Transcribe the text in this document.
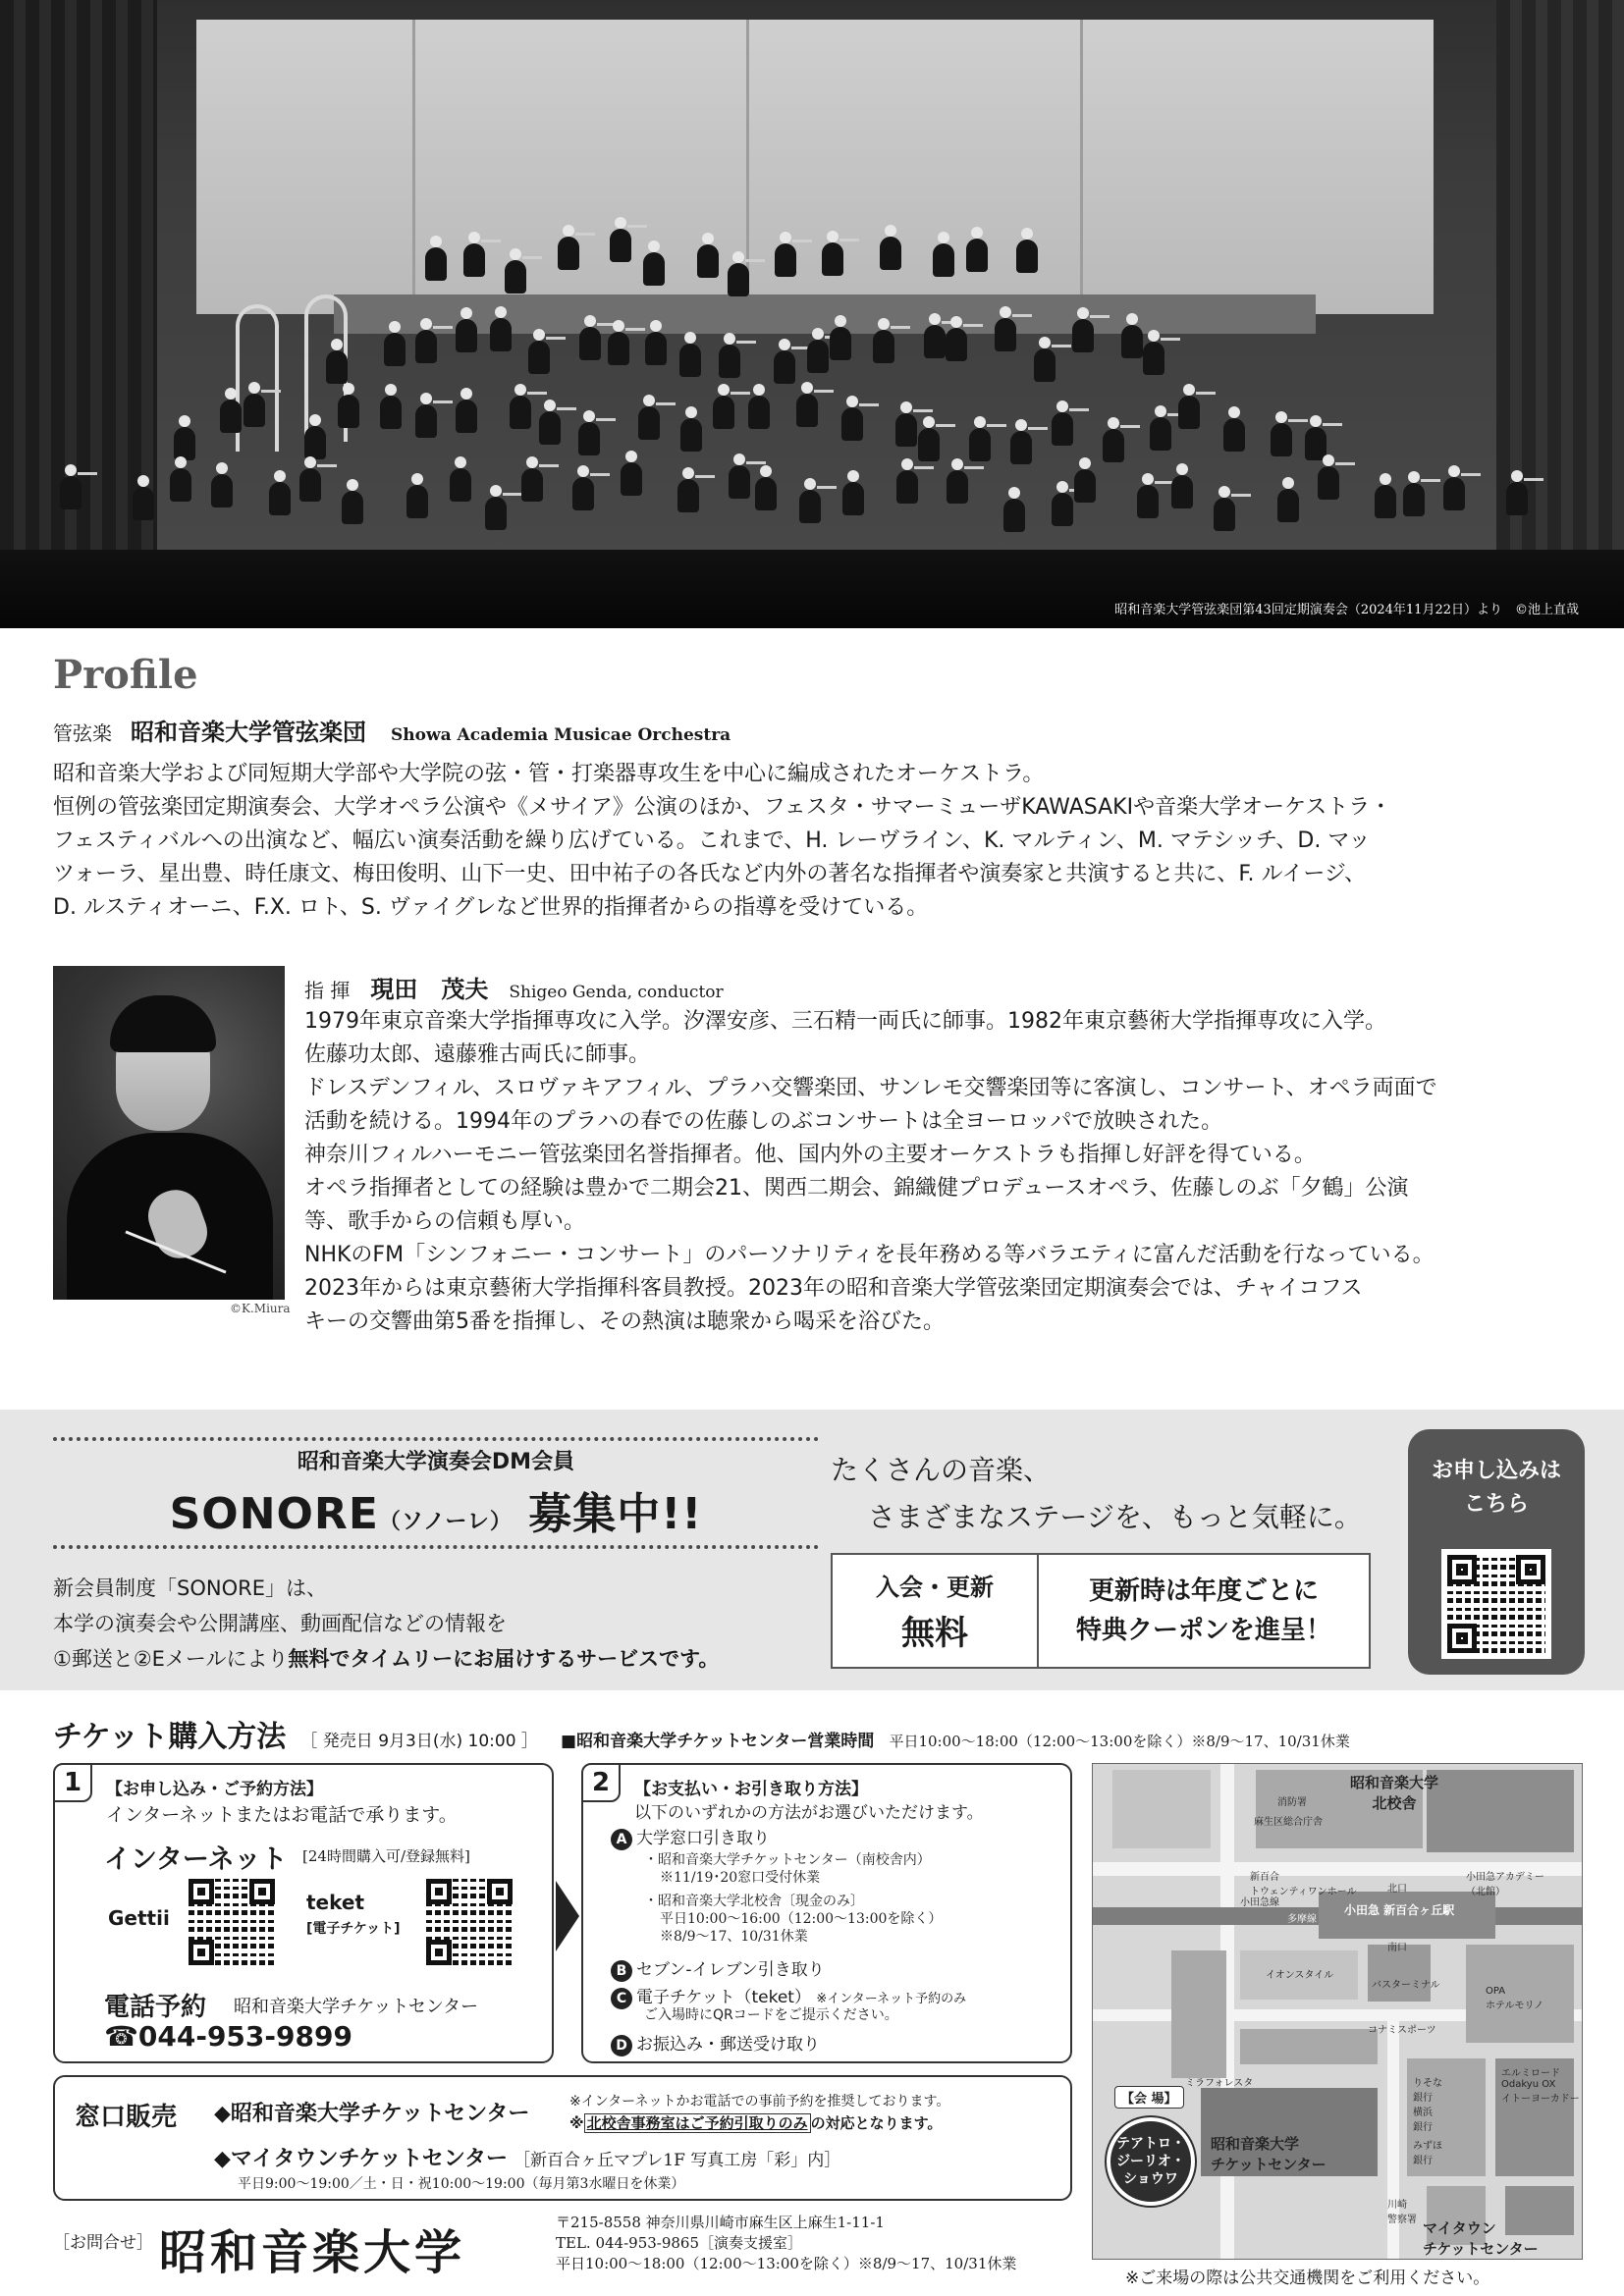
昭和音楽大学管弦楽団第43回定期演奏会（2024年11月22日）より　©池上直哉
Profile
管弦楽 昭和音楽大学管弦楽団 Showa Academia Musicae Orchestra

昭和音楽大学および同短期大学部や大学院の弦・管・打楽器専攻生を中心に編成されたオーケストラ。

恒例の管弦楽団定期演奏会、大学オペラ公演や《メサイア》公演のほか、フェスタ・サマーミューザKAWASAKIや音楽大学オーケストラ・

フェスティバルへの出演など、幅広い演奏活動を繰り広げている。これまで、H. レーヴライン、K. マルティン、M. マテシッチ、D. マッ

ツォーラ、星出豊、時任康文、梅田俊明、山下一史、田中祐子の各氏など内外の著名な指揮者や演奏家と共演すると共に、F. ルイージ、

D. ルスティオーニ、F.X. ロト、S. ヴァイグレなど世界的指揮者からの指導を受けている。

©K.Miura
指 揮 現田　茂夫 Shigeo Genda, conductor

1979年東京音楽大学指揮専攻に入学。汐澤安彦、三石精一両氏に師事。1982年東京藝術大学指揮専攻に入学。

佐藤功太郎、遠藤雅古両氏に師事。

ドレスデンフィル、スロヴァキアフィル、プラハ交響楽団、サンレモ交響楽団等に客演し、コンサート、オペラ両面で

活動を続ける。1994年のプラハの春での佐藤しのぶコンサートは全ヨーロッパで放映された。

神奈川フィルハーモニー管弦楽団名誉指揮者。他、国内外の主要オーケストラも指揮し好評を得ている。

オペラ指揮者としての経験は豊かで二期会21、関西二期会、錦織健プロデュースオペラ、佐藤しのぶ「夕鶴」公演

等、歌手からの信頼も厚い。

NHKのFM「シンフォニー・コンサート」のパーソナリティを長年務める等バラエティに富んだ活動を行なっている。

2023年からは東京藝術大学指揮科客員教授。2023年の昭和音楽大学管弦楽団定期演奏会では、チャイコフス

キーの交響曲第5番を指揮し、その熱演は聴衆から喝采を浴びた。

昭和音楽大学演奏会DM会員
SONORE（ソノーレ） 募集中!!
新会員制度「SONORE」は、
本学の演奏会や公開講座、動画配信などの情報を
①郵送と②Eメールにより無料でタイムリーにお届けするサービスです。
たくさんの音楽、
さまざまなステージを、もっと気軽に。
入会・更新
無料
更新時は年度ごとに
特典クーポンを進呈！
お申し込みは
こちら
チケット購入方法 ［ 発売日 9月3日(水) 10:00 ］ ■昭和音楽大学チケットセンター営業時間 平日10:00〜18:00（12:00〜13:00を除く）※8/9〜17、10/31休業
1	【お申し込み・ご予約方法】
インターネットまたはお電話で承ります。
インターネット [24時間購入可/登録無料]
Gettii
teket
[電子チケット]
電話予約 昭和音楽大学チケットセンター
☎044-953-9899
2	【お支払い・お引き取り方法】
以下のいずれかの方法がお選びいただけます。
A 大学窓口引き取り
・昭和音楽大学チケットセンター（南校舎内）
※11/19･20窓口受付休業
・昭和音楽大学北校舎〔現金のみ〕
平日10:00〜16:00（12:00〜13:00を除く）
※8/9〜17、10/31休業
B セブン-イレブン引き取り
C 電子チケット（teket） ※インターネット予約のみ
ご入場時にQRコードをご提示ください。
D お振込み・郵送受け取り
窓口販売 ◆昭和音楽大学チケットセンター	※インターネットかお電話での事前予約を推奨しております。
※ 北校舎事務室はご予約引取りのみ の対応となります。
◆マイタウンチケットセンター ［新百合ヶ丘マプレ1F 写真工房「彩」内］
平日9:00〜19:00／土・日・祝10:00〜19:00（毎月第3水曜日を休業）
［お問合せ］ 昭和音楽大学
〒215-8558 神奈川県川崎市麻生区上麻生1-11-1
TEL. 044-953-9865［演奏支援室］
平日10:00〜18:00（12:00〜13:00を除く）※8/9〜17、10/31休業
昭和音楽大学
北校舎
消防署
麻生区総合庁舎
新百合
トウェンティワンホール
小田急アカデミー
（北館）
小田急線
多摩線
小田急 新百合ヶ丘駅
北口
南口
イオンスタイル
バスターミナル
OPA
ホテルモリノ
コナミスポーツ
エルミロード
Odakyu OX
イトーヨーカドー
ミラフォレスタ	りそな
銀行
横浜
銀行
みずほ
銀行
川崎
警察署
【会 場】
テアトロ・
ジーリオ・
ショウワ
昭和音楽大学
チケットセンター
マイタウン
チケットセンター
※ご来場の際は公共交通機関をご利用ください。
